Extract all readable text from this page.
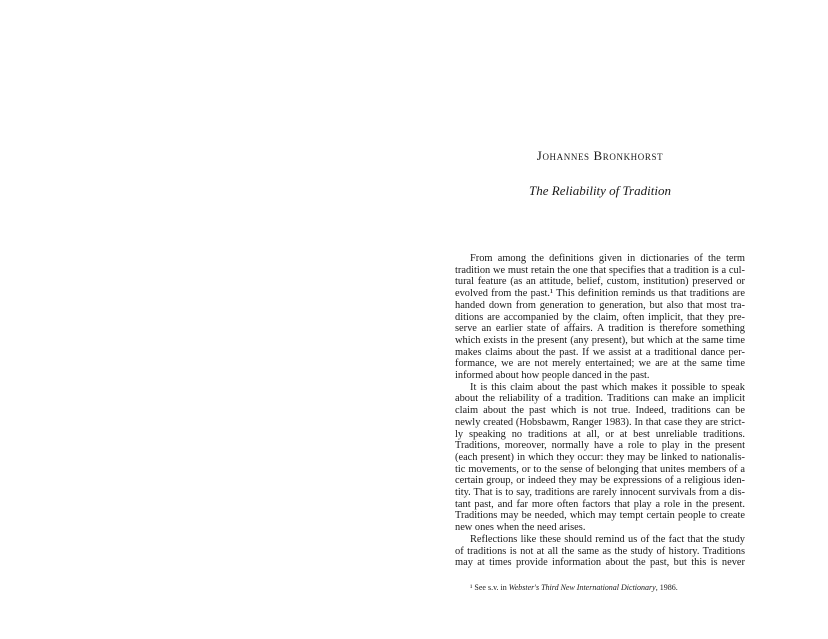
Johannes Bronkhorst
The Reliability of Tradition
From among the definitions given in dictionaries of the term
tradition we must retain the one that specifies that a tradition is a cul-
tural feature (as an attitude, belief, custom, institution) preserved or
evolved from the past.¹ This definition reminds us that traditions are
handed down from generation to generation, but also that most tra-
ditions are accompanied by the claim, often implicit, that they pre-
serve an earlier state of affairs. A tradition is therefore something
which exists in the present (any present), but which at the same time
makes claims about the past. If we assist at a traditional dance per-
formance, we are not merely entertained; we are at the same time
informed about how people danced in the past.
It is this claim about the past which makes it possible to speak
about the reliability of a tradition. Traditions can make an implicit
claim about the past which is not true. Indeed, traditions can be
newly created (Hobsbawm, Ranger 1983). In that case they are strict-
ly speaking no traditions at all, or at best unreliable traditions.
Traditions, moreover, normally have a role to play in the present
(each present) in which they occur: they may be linked to nationalis-
tic movements, or to the sense of belonging that unites members of a
certain group, or indeed they may be expressions of a religious iden-
tity. That is to say, traditions are rarely innocent survivals from a dis-
tant past, and far more often factors that play a role in the present.
Traditions may be needed, which may tempt certain people to create
new ones when the need arises.
Reflections like these should remind us of the fact that the study
of traditions is not at all the same as the study of history. Traditions
may at times provide information about the past, but this is never
¹ See s.v. in Webster's Third New International Dictionary, 1986.
